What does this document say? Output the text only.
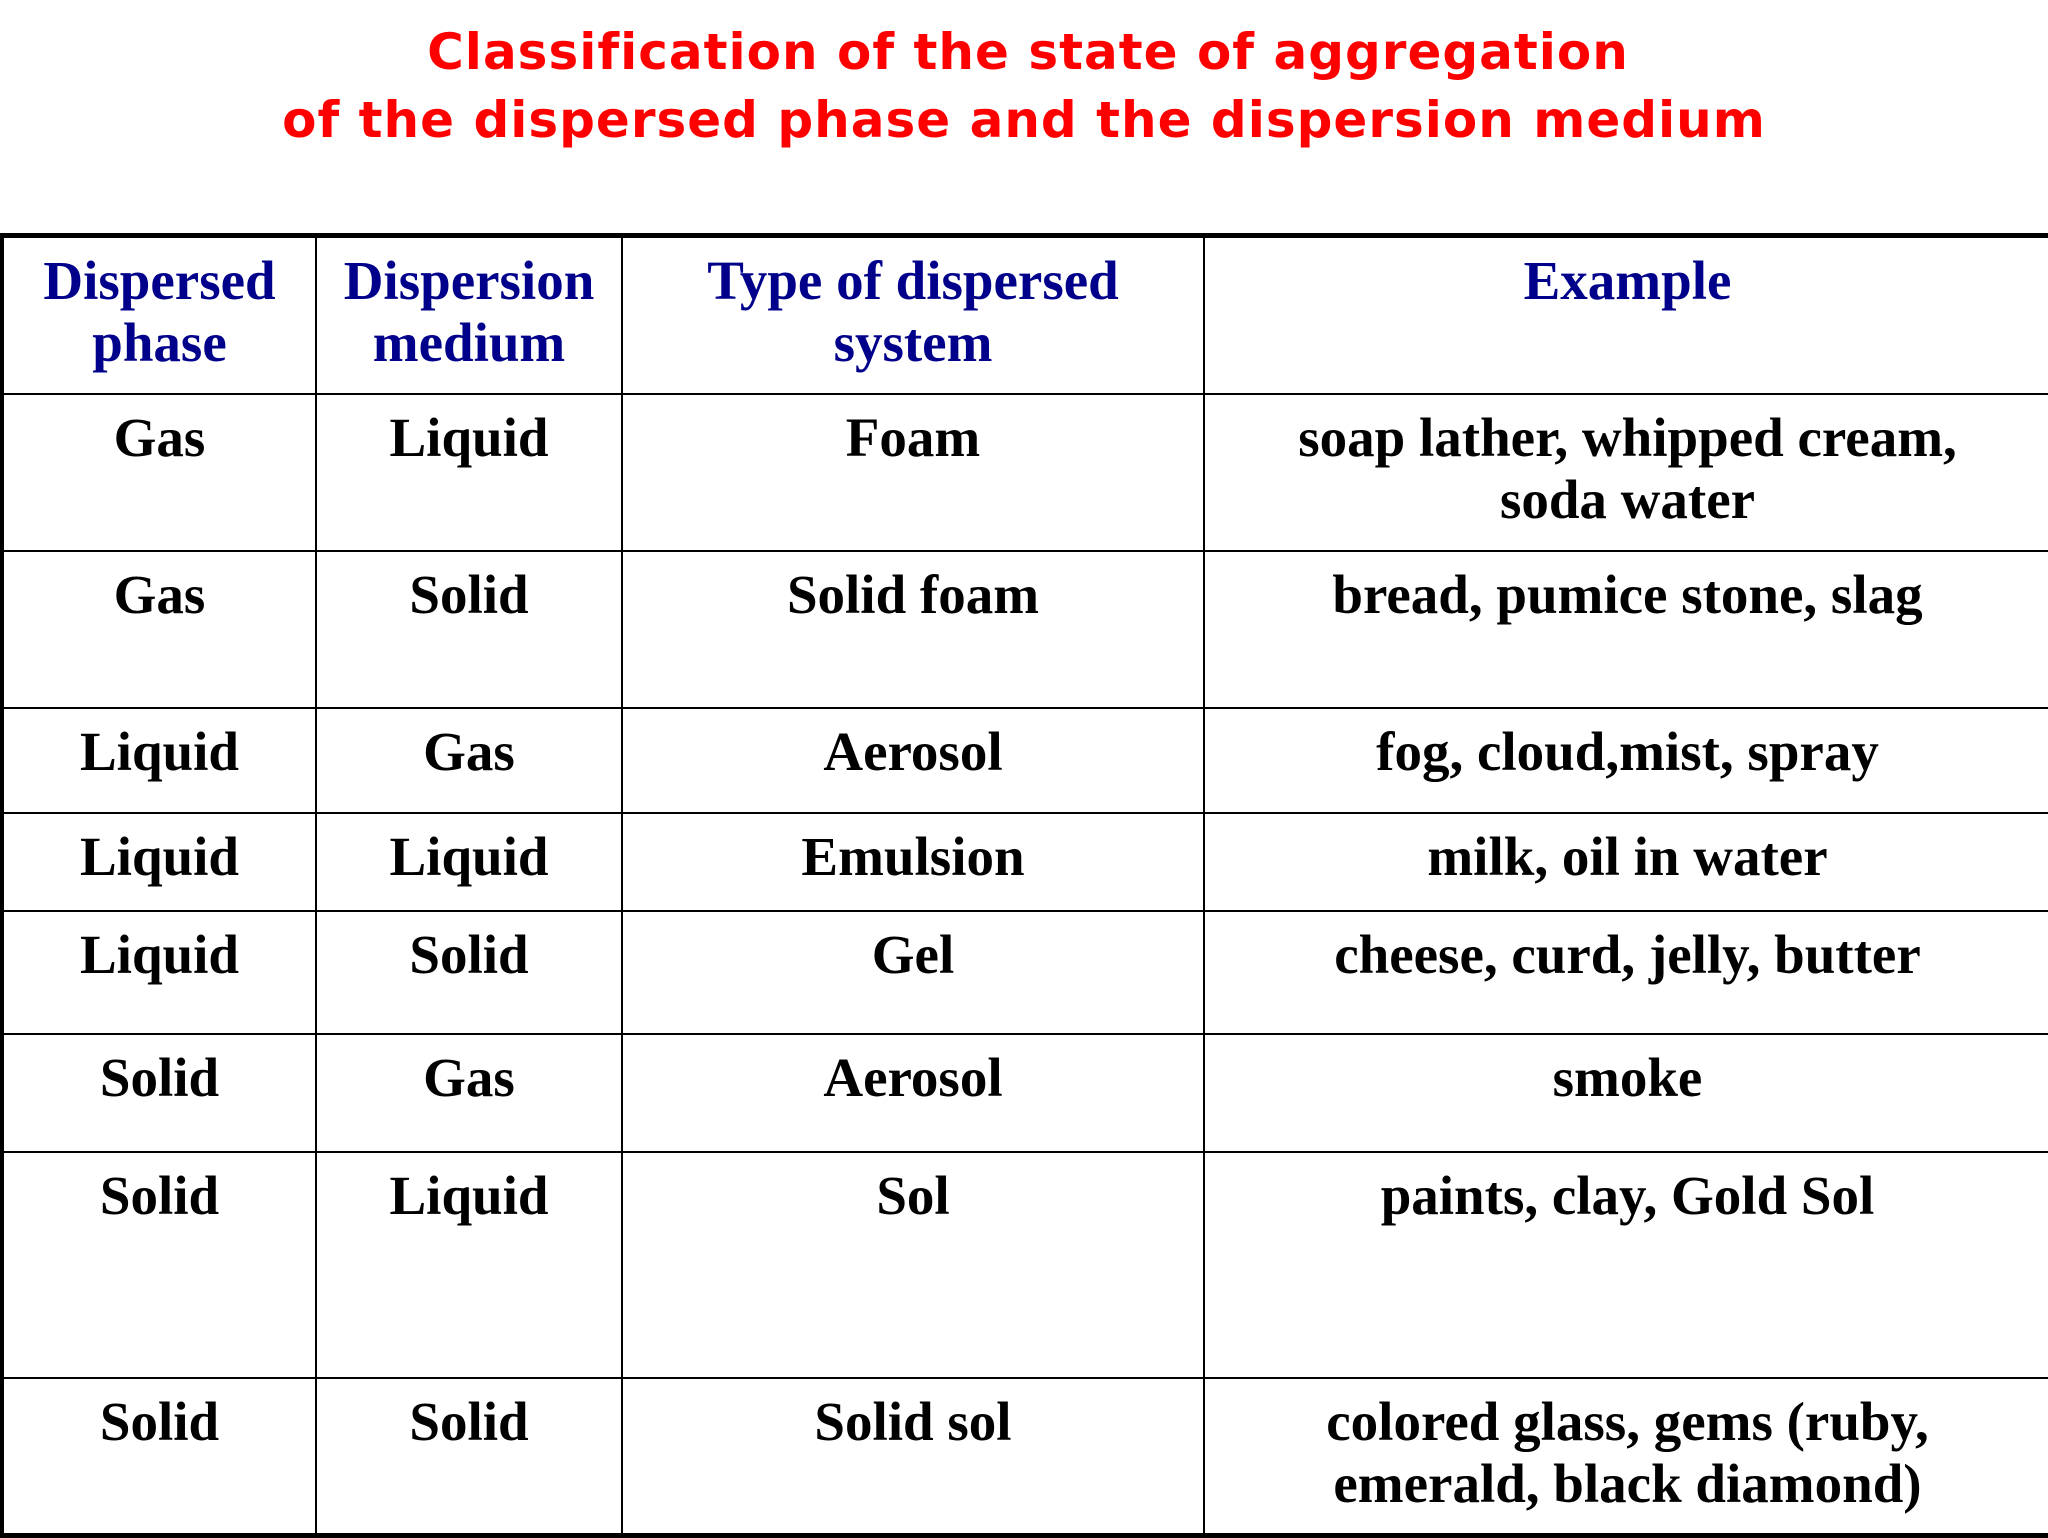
Classification of the state of aggregation
of the dispersed phase and the dispersion medium
Dispersed phase	Dispersion medium	Type of dispersed system	Example
Gas	Liquid	Foam	soap lather, whipped cream, soda water
Gas	Solid	Solid foam	bread, pumice stone, slag
Liquid	Gas	Aerosol	fog, cloud,mist, spray
Liquid	Liquid	Emulsion	milk, oil in water
Liquid	Solid	Gel	cheese, curd, jelly, butter
Solid	Gas	Aerosol	smoke
Solid	Liquid	Sol	paints, clay, Gold Sol
Solid	Solid	Solid sol	colored glass, gems (ruby, emerald, black diamond)
